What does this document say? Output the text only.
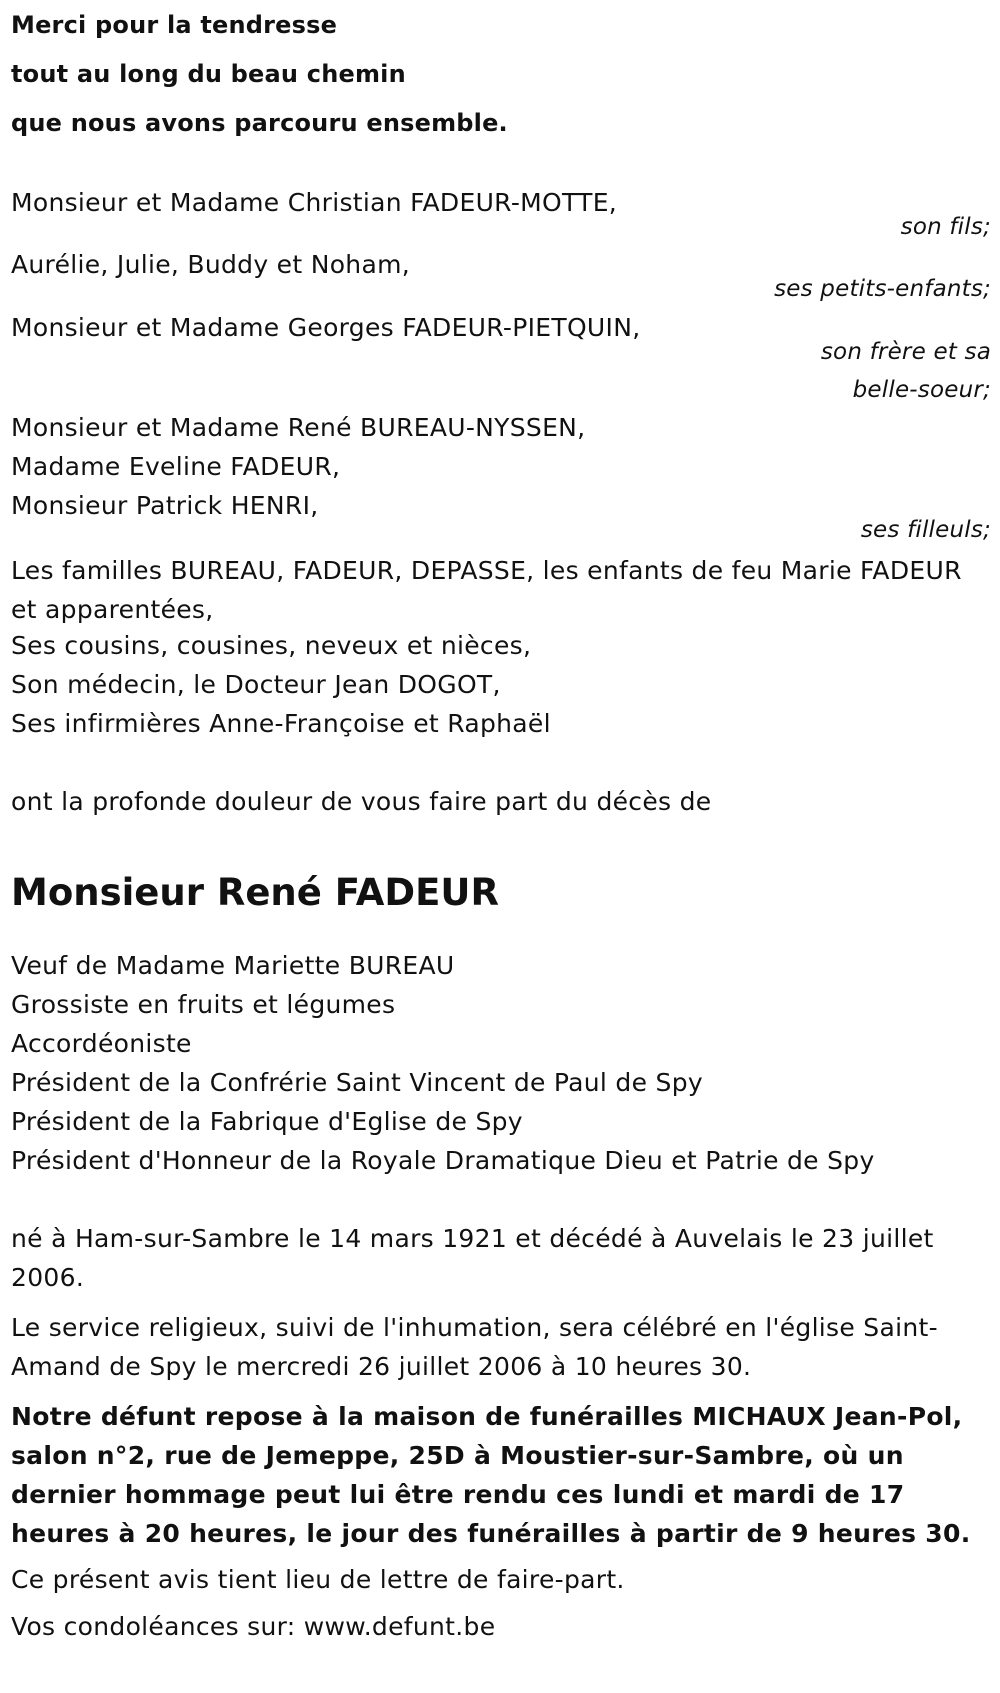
Merci pour la tendresse

tout au long du beau chemin

que nous avons parcouru ensemble.

Monsieur et Madame Christian FADEUR-MOTTE,
son fils;
Aurélie, Julie, Buddy et Noham,
ses petits-enfants;
Monsieur et Madame Georges FADEUR-PIETQUIN,
son frère et sa
belle-soeur;
Monsieur et Madame René BUREAU-NYSSEN,
Madame Eveline FADEUR,
Monsieur Patrick HENRI,
ses filleuls;
Les familles BUREAU, FADEUR, DEPASSE, les enfants de feu Marie FADEUR et apparentées,
Ses cousins, cousines, neveux et nièces,
Son médecin, le Docteur Jean DOGOT,
Ses infirmières Anne-Françoise et Raphaël
ont la profonde douleur de vous faire part du décès de
Monsieur René FADEUR
Veuf de Madame Mariette BUREAU
Grossiste en fruits et légumes
Accordéoniste
Président de la Confrérie Saint Vincent de Paul de Spy
Président de la Fabrique d'Eglise de Spy
Président d'Honneur de la Royale Dramatique Dieu et Patrie de Spy
né à Ham-sur-Sambre le 14 mars 1921 et décédé à Auvelais le 23 juillet 2006.
Le service religieux, suivi de l'inhumation, sera célébré en l'église Saint-Amand de Spy le mercredi 26 juillet 2006 à 10 heures 30.
Notre défunt repose à la maison de funérailles MICHAUX Jean-Pol, salon n°2, rue de Jemeppe, 25D à Moustier-sur-Sambre, où un dernier hommage peut lui être rendu ces lundi et mardi de 17 heures à 20 heures, le jour des funérailles à partir de 9 heures 30.
Ce présent avis tient lieu de lettre de faire-part.
Vos condoléances sur: www.defunt.be
